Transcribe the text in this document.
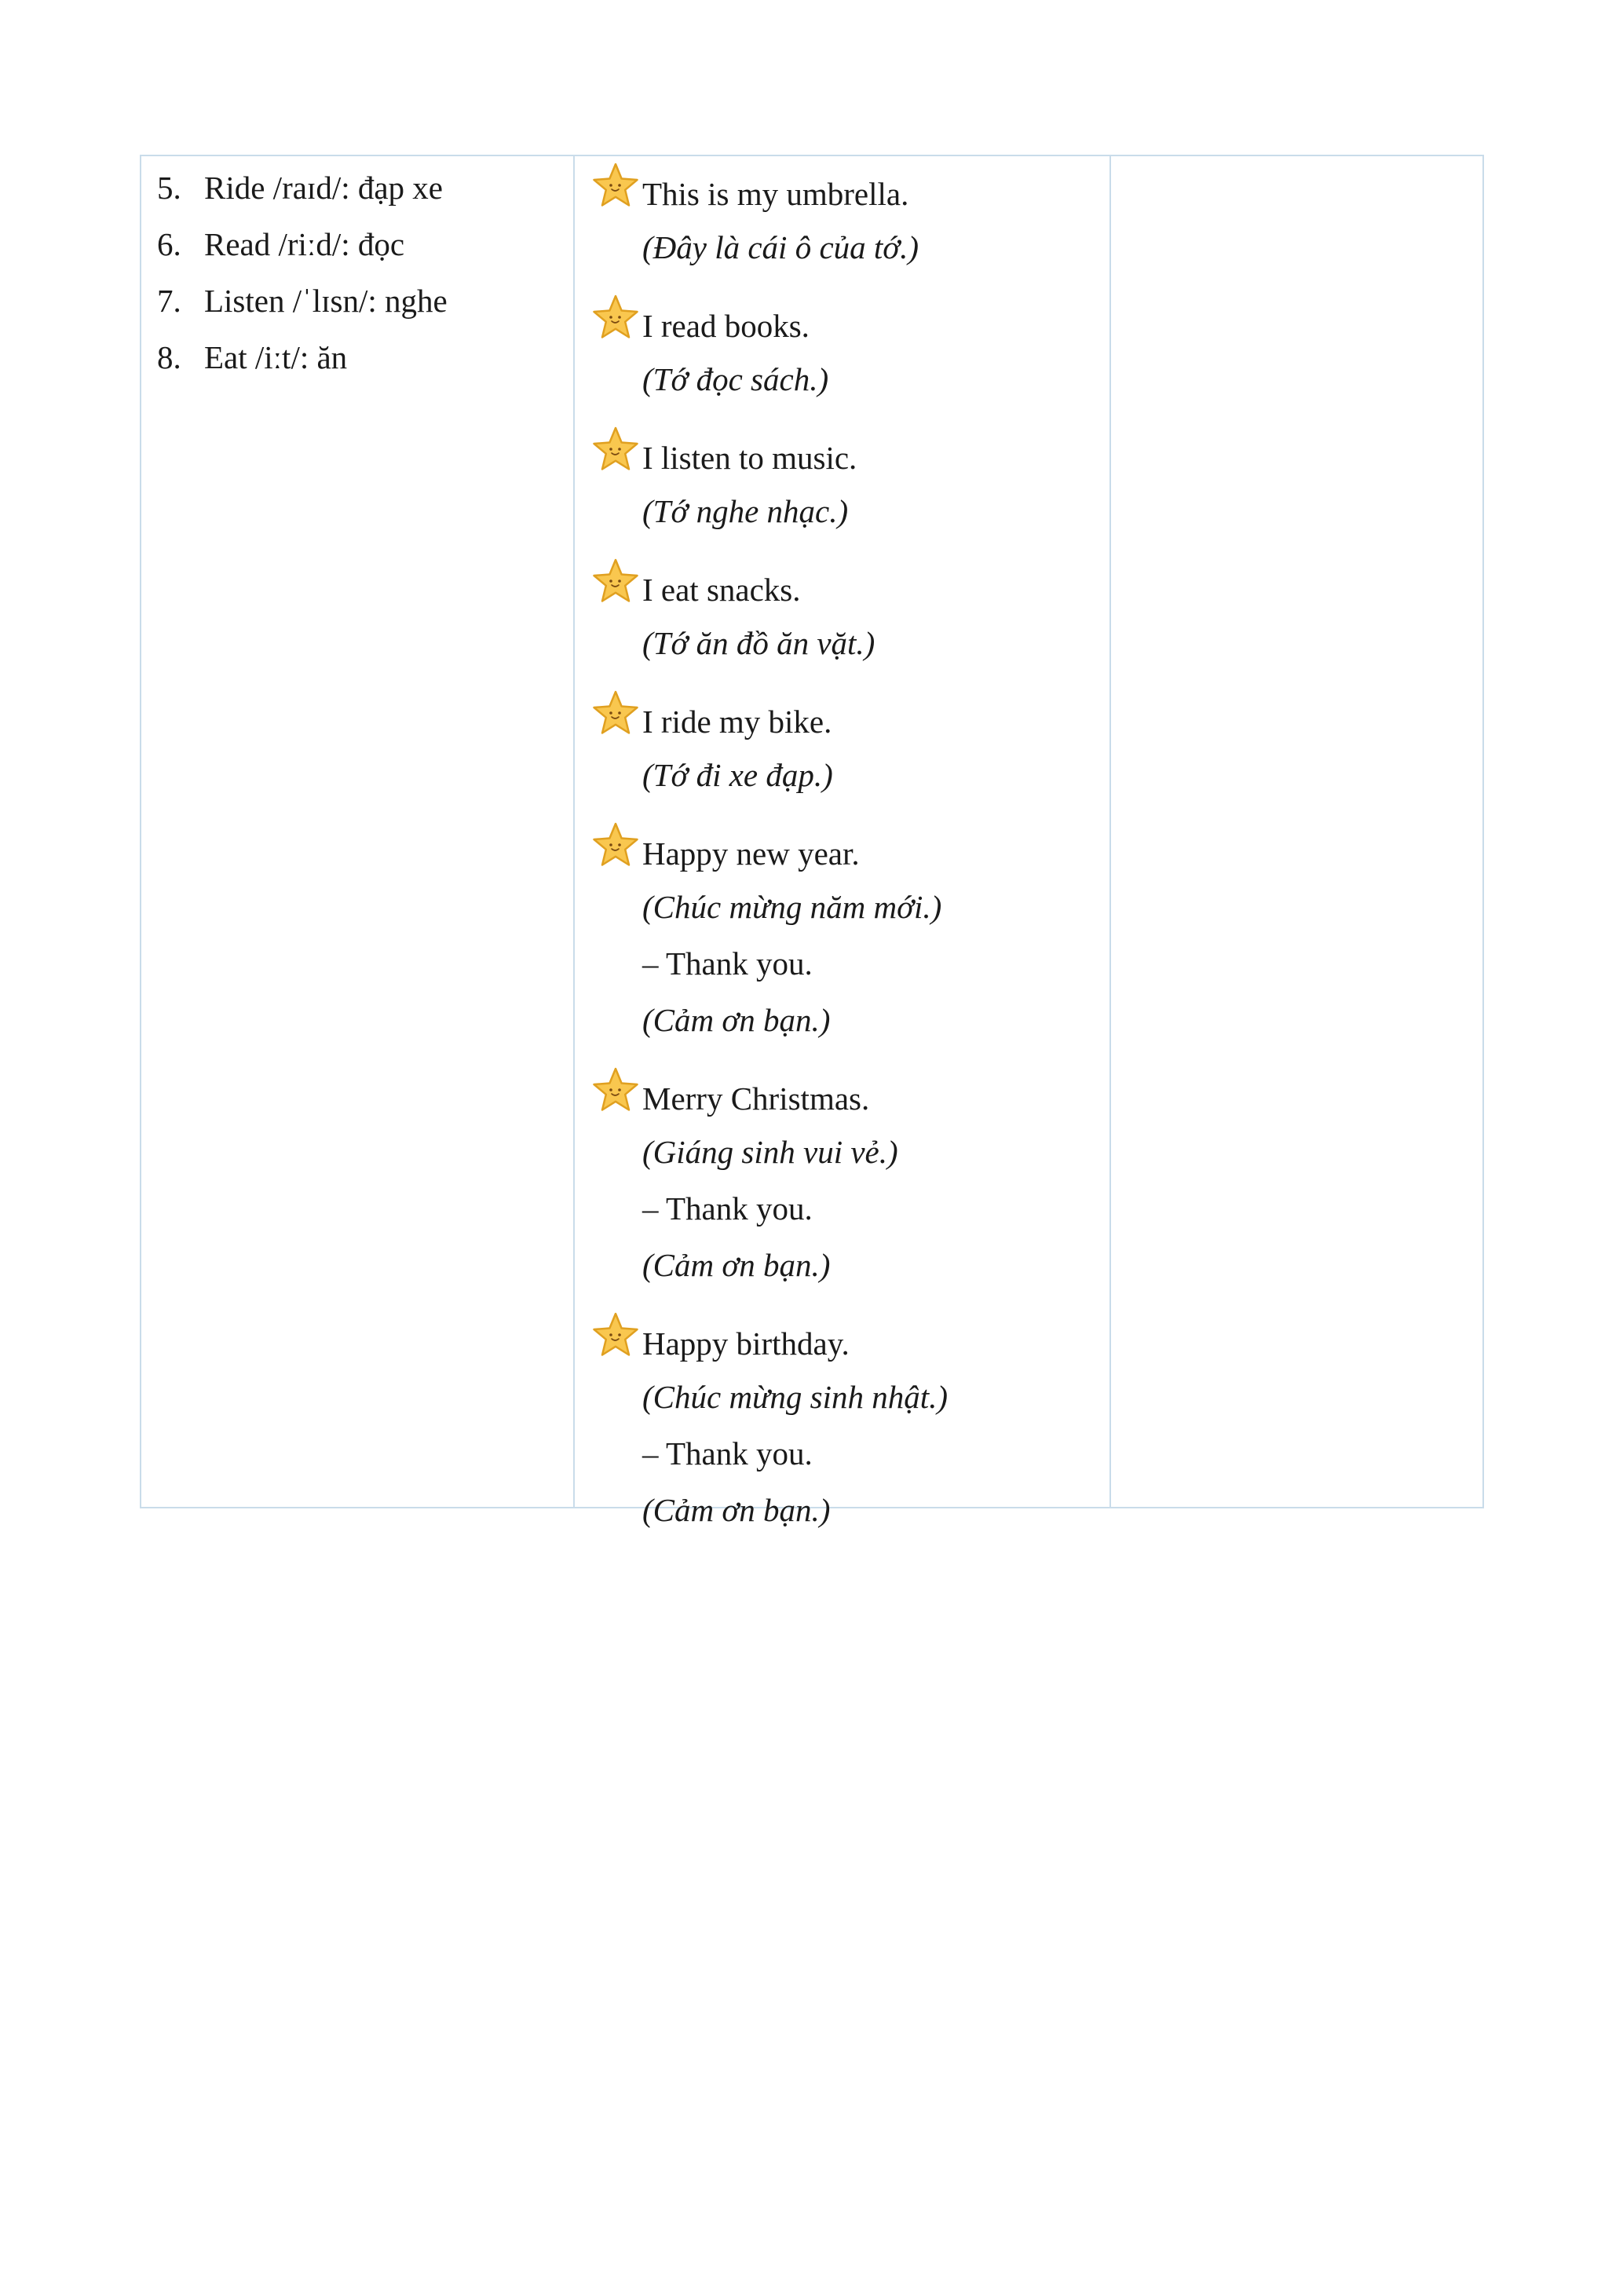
5. Ride /raɪd/: đạp xe
6. Read /riːd/: đọc
7. Listen /ˈlɪsn/: nghe
8. Eat /iːt/: ăn
This is my umbrella.
(Đây là cái ô của tớ.)
I read books.
(Tớ đọc sách.)
I listen to music.
(Tớ nghe nhạc.)
I eat snacks.
(Tớ ăn đồ ăn vặt.)
I ride my bike.
(Tớ đi xe đạp.)
Happy new year.
(Chúc mừng năm mới.)
– Thank you.
(Cảm ơn bạn.)
Merry Christmas.
(Giáng sinh vui vẻ.)
– Thank you.
(Cảm ơn bạn.)
Happy birthday.
(Chúc mừng sinh nhật.)
– Thank you.
(Cảm ơn bạn.)
